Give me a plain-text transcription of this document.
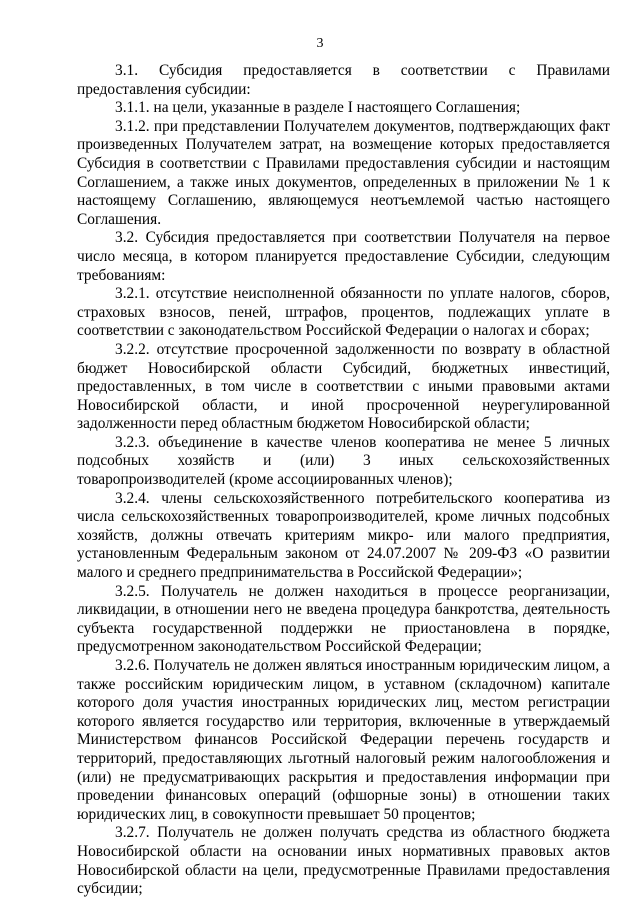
3

3.1. Субсидия предоставляется в соответствии с Правилами предоставления субсидии:

3.1.1. на цели, указанные в разделе I настоящего Соглашения;

3.1.2. при представлении Получателем документов, подтверждающих факт произведенных Получателем затрат, на возмещение которых предоставляется Субсидия в соответствии с Правилами предоставления субсидии и настоящим Соглашением, а также иных документов, определенных в приложении № 1 к настоящему Соглашению, являющемуся неотъемлемой частью настоящего Соглашения.

3.2. Субсидия предоставляется при соответствии Получателя на первое число месяца, в котором планируется предоставление Субсидии, следующим требованиям:

3.2.1. отсутствие неисполненной обязанности по уплате налогов, сборов, страховых взносов, пеней, штрафов, процентов, подлежащих уплате в соответствии с законодательством Российской Федерации о налогах и сборах;

3.2.2. отсутствие просроченной задолженности по возврату в областной бюджет Новосибирской области Субсидий, бюджетных инвестиций, предоставленных, в том числе в соответствии с иными правовыми актами Новосибирской области, и иной просроченной неурегулированной задолженности перед областным бюджетом Новосибирской области;

3.2.3. объединение в качестве членов кооператива не менее 5 личных подсобных хозяйств и (или) 3 иных сельскохозяйственных товаропроизводителей (кроме ассоциированных членов);

3.2.4. члены сельскохозяйственного потребительского кооператива из числа сельскохозяйственных товаропроизводителей, кроме личных подсобных хозяйств, должны отвечать критериям микро- или малого предприятия, установленным Федеральным законом от 24.07.2007 № 209-ФЗ «О развитии малого и среднего предпринимательства в Российской Федерации»;

3.2.5. Получатель не должен находиться в процессе реорганизации, ликвидации, в отношении него не введена процедура банкротства, деятельность субъекта государственной поддержки не приостановлена в порядке, предусмотренном законодательством Российской Федерации;

3.2.6. Получатель не должен являться иностранным юридическим лицом, а также российским юридическим лицом, в уставном (складочном) капитале которого доля участия иностранных юридических лиц, местом регистрации которого является государство или территория, включенные в утверждаемый Министерством финансов Российской Федерации перечень государств и территорий, предоставляющих льготный налоговый режим налогообложения и (или) не предусматривающих раскрытия и предоставления информации при проведении финансовых операций (офшорные зоны) в отношении таких юридических лиц, в совокупности превышает 50 процентов;

3.2.7. Получатель не должен получать средства из областного бюджета Новосибирской области на основании иных нормативных правовых актов Новосибирской области на цели, предусмотренные Правилами предоставления субсидии;
